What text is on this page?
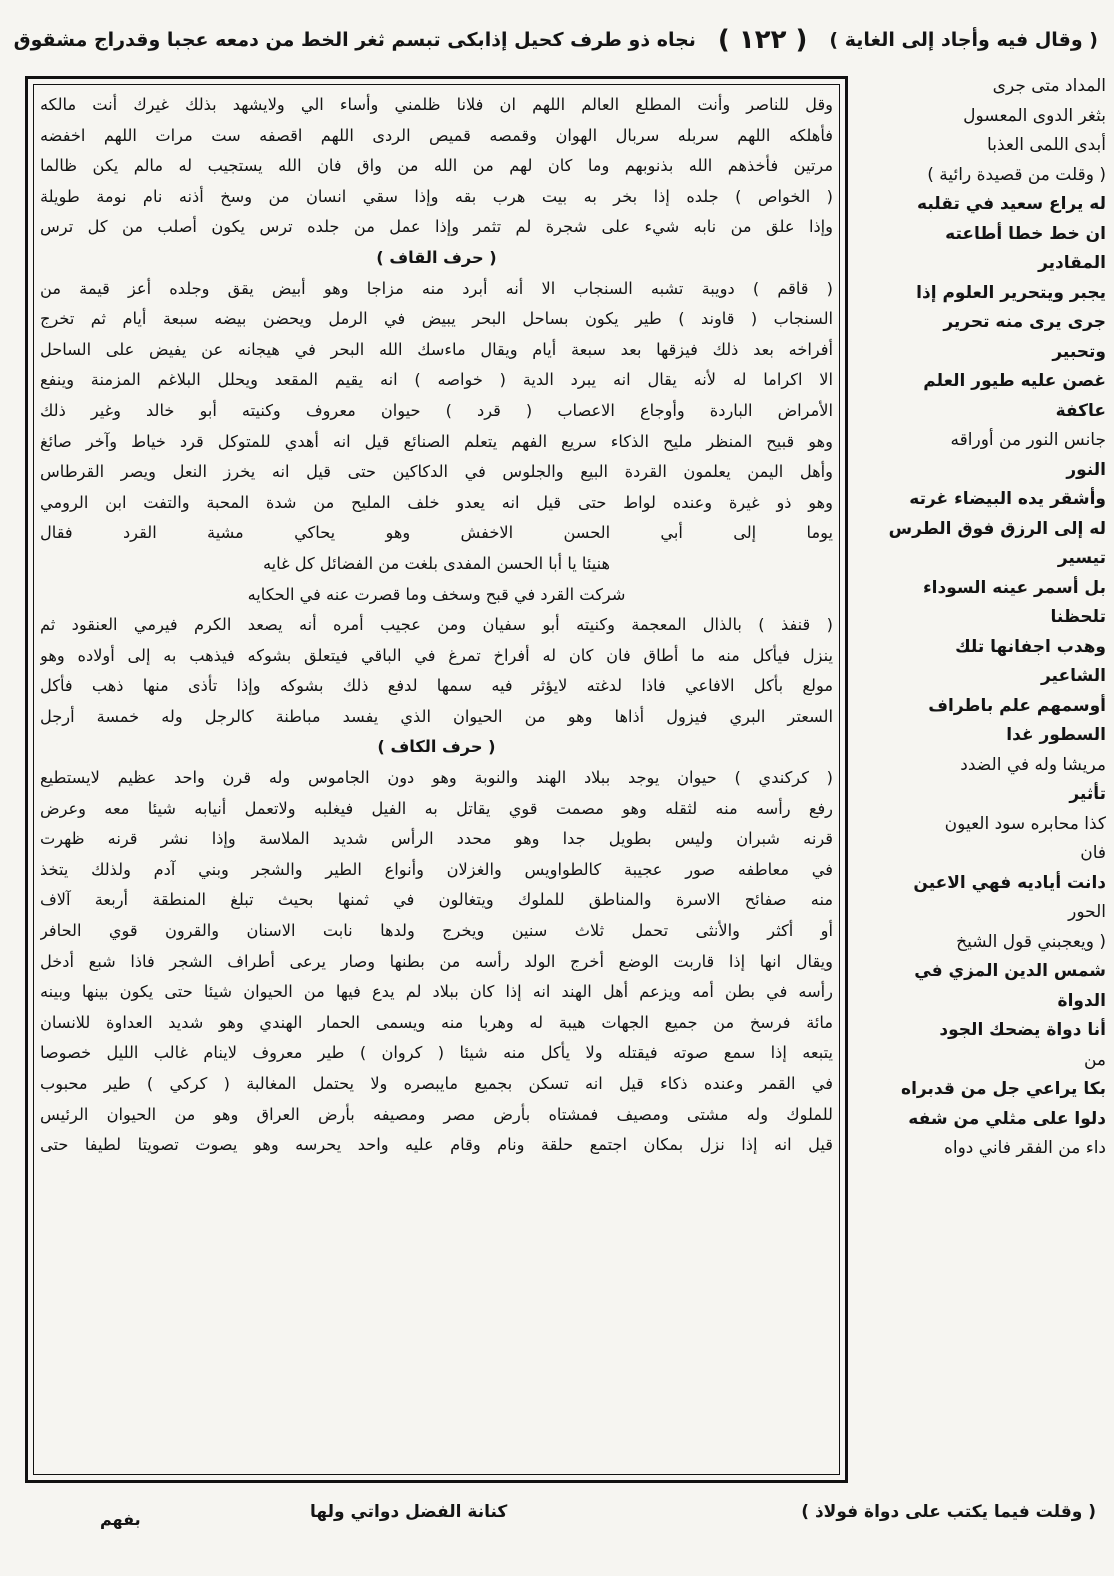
( وقال فيه وأجاد إلى الغاية )
( ١٢٢ )
نجاه ذو طرف كحيل إذابكى تبسم ثغر الخط من دمعه عجبا وقدراج مشقوق
وقل للناصر وأنت المطلع العالم اللهم ان فلانا ظلمني وأساء الي ولايشهد بذلك غيرك أنت مالكه
فأهلكه اللهم سربله سربال الهوان وقمصه قميص الردى اللهم اقصفه ست مرات اللهم اخفضه
مرتين فأخذهم الله بذنوبهم وما كان لهم من الله من واق فان الله يستجيب له مالم يكن ظالما
( الخواص ) جلده إذا بخر به بيت هرب بقه وإذا سقي انسان من وسخ أذنه نام نومة طويلة
وإذا علق من نابه شيء على شجرة لم تثمر وإذا عمل من جلده ترس يكون أصلب من كل ترس
( حرف القاف )
( قاقم ) دويبة تشبه السنجاب الا أنه أبرد منه مزاجا وهو أبيض يقق وجلده أعز قيمة من
السنجاب ( قاوند ) طير يكون بساحل البحر يبيض في الرمل ويحضن بيضه سبعة أيام ثم تخرج
أفراخه بعد ذلك فيزقها بعد سبعة أيام ويقال ماءسك الله البحر في هيجانه عن يفيض على الساحل
الا اكراما له لأنه يقال انه يبرد الدية ( خواصه ) انه يقيم المقعد ويحلل البلاغم المزمنة وينفع
الأمراض الباردة وأوجاع الاعصاب ( قرد ) حيوان معروف وكنيته أبو خالد وغير ذلك
وهو قبيح المنظر مليح الذكاء سريع الفهم يتعلم الصنائع قيل انه أهدي للمتوكل قرد خياط وآخر صائغ
وأهل اليمن يعلمون القردة البيع والجلوس في الدكاكين حتى قيل انه يخرز النعل ويصر القرطاس
وهو ذو غيرة وعنده لواط حتى قيل انه يعدو خلف المليح من شدة المحبة والتفت ابن الرومي
يوما إلى أبي الحسن الاخفش وهو يحاكي مشية القرد فقال
هنيئا يا أبا الحسن المفدى بلغت من الفضائل كل غايه
شركت القرد في قبح وسخف وما قصرت عنه في الحكايه
( قنفذ ) بالذال المعجمة وكنيته أبو سفيان ومن عجيب أمره أنه يصعد الكرم فيرمي العنقود ثم
ينزل فيأكل منه ما أطاق فان كان له أفراخ تمرغ في الباقي فيتعلق بشوكه فيذهب به إلى أولاده وهو
مولع بأكل الافاعي فاذا لدغته لايؤثر فيه سمها لدفع ذلك بشوكه وإذا تأذى منها ذهب فأكل
السعتر البري فيزول أذاها وهو من الحيوان الذي يفسد مباطنة كالرجل وله خمسة أرجل
( حرف الكاف )
( كركندي ) حيوان يوجد ببلاد الهند والنوبة وهو دون الجاموس وله قرن واحد عظيم لايستطيع
رفع رأسه منه لثقله وهو مصمت قوي يقاتل به الفيل فيغلبه ولاتعمل أنيابه شيئا معه وعرض
قرنه شبران وليس بطويل جدا وهو محدد الرأس شديد الملاسة وإذا نشر قرنه ظهرت
في معاطفه صور عجيبة كالطواويس والغزلان وأنواع الطير والشجر وبني آدم ولذلك يتخذ
منه صفائح الاسرة والمناطق للملوك ويتغالون في ثمنها بحيث تبلغ المنطقة أربعة آلاف
أو أكثر والأنثى تحمل ثلاث سنين ويخرج ولدها نابت الاسنان والقرون قوي الحافر
ويقال انها إذا قاربت الوضع أخرج الولد رأسه من بطنها وصار يرعى أطراف الشجر فاذا شبع أدخل
رأسه في بطن أمه ويزعم أهل الهند انه إذا كان ببلاد لم يدع فيها من الحيوان شيئا حتى يكون بينها وبينه
مائة فرسخ من جميع الجهات هيبة له وهربا منه ويسمى الحمار الهندي وهو شديد العداوة للانسان
يتبعه إذا سمع صوته فيقتله ولا يأكل منه شيئا ( كروان ) طير معروف لاينام غالب الليل خصوصا
في القمر وعنده ذكاء قيل انه تسكن بجميع مايبصره ولا يحتمل المغالبة ( كركي ) طير محبوب
للملوك وله مشتى ومصيف فمشتاه بأرض مصر ومصيفه بأرض العراق وهو من الحيوان الرئيس
قيل انه إذا نزل بمكان اجتمع حلقة ونام وقام عليه واحد يحرسه وهو يصوت تصويتا لطيفا حتى
المداد متى جرى
بثغر الدوى المعسول
أبدى اللمى العذبا
( وقلت من قصيدة رائية )
له يراع سعيد في تقلبه
ان خط خطا أطاعته
المقادير
يجبر ويتحرير العلوم إذا
جرى يرى منه تحرير
وتحبير
غصن عليه طيور العلم
عاكفة
جانس النور من أوراقه
النور
وأشقر يده البيضاء غرته
له إلى الرزق فوق الطرس
تيسير
بل أسمر عينه السوداء
تلحظنا
وهدب اجفانها تلك
الشاعير
أوسمهم علم باطراف
السطور غدا
مريشا وله في الضدد
تأثير
كذا محابره سود العيون
فان
دانت أياديه فهي الاعين
الحور
( ويعجبني قول الشيخ
شمس الدين المزي في
الدواة
أنا دواة يضحك الجود
من
بكا يراعي جل من قدبراه
دلوا على مثلي من شفه
داء من الفقر فاني دواه
( وقلت فيما يكتب على دواة فولاذ )
كنانة الفضل دواتي ولها
بفهم
